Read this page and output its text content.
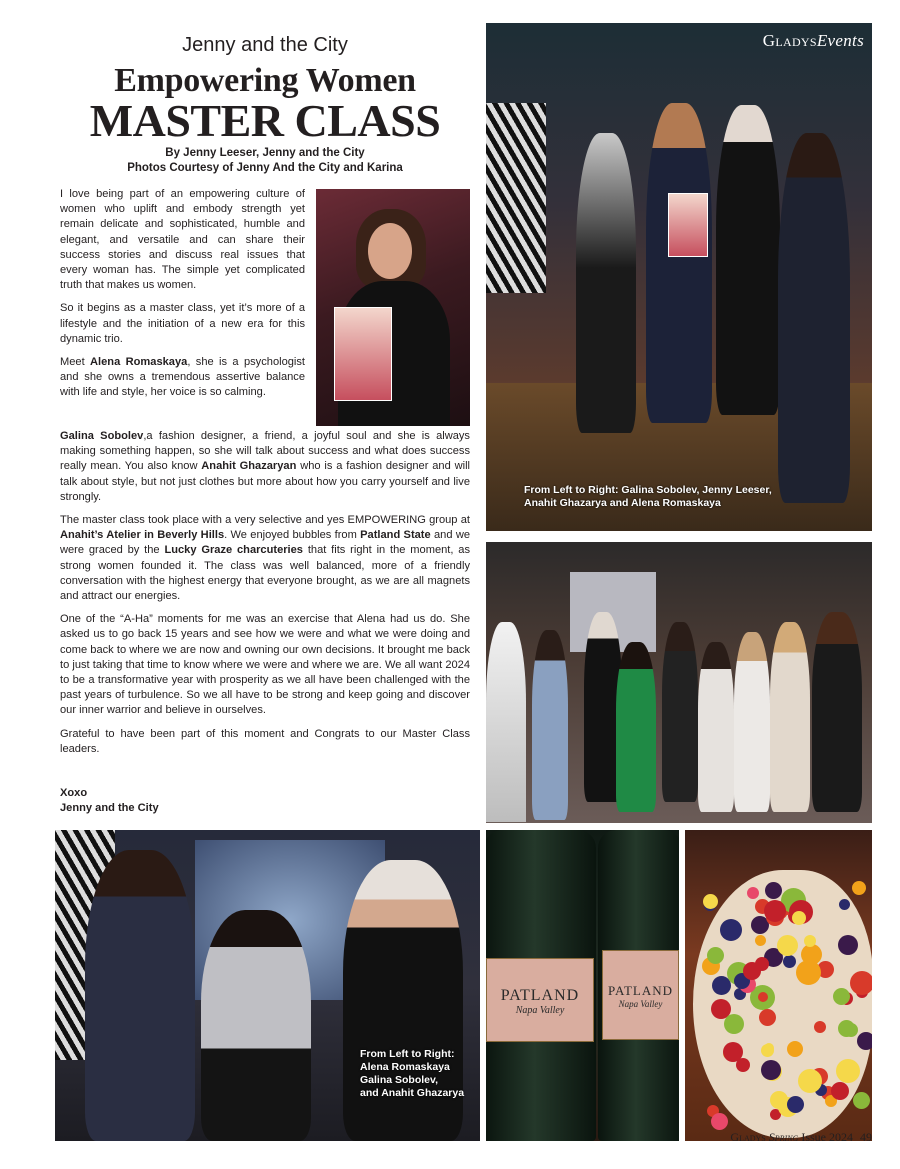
Jenny and the City
Empowering Women
MASTER CLASS
By Jenny Leeser, Jenny and the City
Photos Courtesy of Jenny And the City and Karina

I love being part of an empowering culture of women who uplift and embody strength yet remain delicate and sophisticated, humble and elegant, and versatile and can share their success stories and discuss real issues that every woman has. The simple yet complicated truth that makes us women.

So it begins as a master class, yet it’s more of a lifestyle and the initiation of a new era for this dynamic trio.

Meet Alena Romaskaya, she is a psychologist and she owns a tremendous assertive balance with life and style, her voice is so calming.

Galina Sobolev,a fashion designer, a friend, a joyful soul and she is always making something happen, so she will talk about success and what does success really mean. You also know Anahit Ghazaryan who is a fashion designer and will talk about style, but not just clothes but more about how you carry yourself and live strongly.

The master class took place with a very selective and yes EMPOWERING group at Anahit’s Atelier in Beverly Hills. We enjoyed bubbles from Patland State and we were graced by the Lucky Graze charcuteries that fits right in the moment, as strong women founded it. The class was well balanced, more of a friendly conversation with the highest energy that everyone brought, as we are all magnets and attract our energies.

One of the “A-Ha” moments for me was an exercise that Alena had us do. She asked us to go back 15 years and see how we were and what we were doing and come back to where we are now and owning our own decisions. It brought me back to just taking that time to know where we were and where we are. We all want 2024 to be a transformative year with prosperity as we all have been challenged with the past years of turbulence. So we all have to be strong and keep going and discover our inner warrior and believe in ourselves.

Grateful to have been part of this moment and Congrats to our Master Class leaders.

Xoxo
Jenny and the City
GladysEvents
From Left to Right: Galina Sobolev, Jenny Leeser,
Anahit Ghazarya and Alena Romaskaya
From Left to Right:
Alena Romaskaya
Galina Sobolev,
and Anahit Ghazarya
PATLAND
Napa Valley
PATLAND
Napa Valley
Gladys Spring Issue 2024 49
